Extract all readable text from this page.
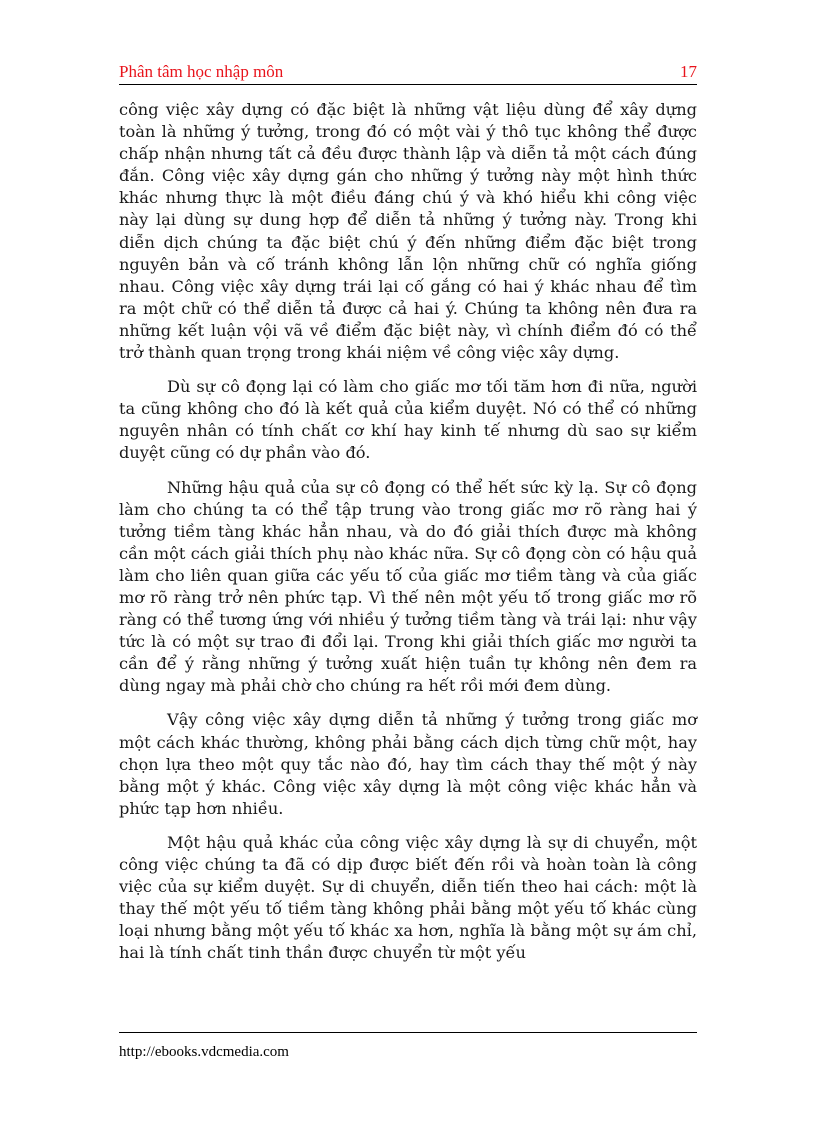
Phân tâm học nhập môn	17

công việc xây dựng có đặc biệt là những vật liệu dùng để xây dựng toàn là những ý tưởng, trong đó có một vài ý thô tục không thể được chấp nhận nhưng tất cả đều được thành lập và diễn tả một cách đúng đắn. Công việc xây dựng gán cho những ý tưởng này một hình thức khác nhưng thực là một điều đáng chú ý và khó hiểu khi công việc này lại dùng sự dung hợp để diễn tả những ý tưởng này. Trong khi diễn dịch chúng ta đặc biệt chú ý đến những điểm đặc biệt trong nguyên bản và cố tránh không lẫn lộn những chữ có nghĩa giống nhau. Công việc xây dựng trái lại cố gắng có hai ý khác nhau để tìm ra một chữ có thể diễn tả được cả hai ý. Chúng ta không nên đưa ra những kết luận vội vã về điểm đặc biệt này, vì chính điểm đó có thể trở thành quan trọng trong khái niệm về công việc xây dựng.

Dù sự cô đọng lại có làm cho giấc mơ tối tăm hơn đi nữa, người ta cũng không cho đó là kết quả của kiểm duyệt. Nó có thể có những nguyên nhân có tính chất cơ khí hay kinh tế nhưng dù sao sự kiểm duyệt cũng có dự phần vào đó.

Những hậu quả của sự cô đọng có thể hết sức kỳ lạ. Sự cô đọng làm cho chúng ta có thể tập trung vào trong giấc mơ rõ ràng hai ý tưởng tiềm tàng khác hẳn nhau, và do đó giải thích được mà không cần một cách giải thích phụ nào khác nữa. Sự cô đọng còn có hậu quả làm cho liên quan giữa các yếu tố của giấc mơ tiềm tàng và của giấc mơ rõ ràng trở nên phức tạp. Vì thế nên một yếu tố trong giấc mơ rõ ràng có thể tương ứng với nhiều ý tưởng tiềm tàng và trái lại: như vậy tức là có một sự trao đi đổi lại. Trong khi giải thích giấc mơ người ta cần để ý rằng những ý tưởng xuất hiện tuần tự không nên đem ra dùng ngay mà phải chờ cho chúng ra hết rồi mới đem dùng.

Vậy công việc xây dựng diễn tả những ý tưởng trong giấc mơ một cách khác thường, không phải bằng cách dịch từng chữ một, hay chọn lựa theo một quy tắc nào đó, hay tìm cách thay thế một ý này bằng một ý khác. Công việc xây dựng là một công việc khác hẳn và phức tạp hơn nhiều.

Một hậu quả khác của công việc xây dựng là sự di chuyển, một công việc chúng ta đã có dịp được biết đến rồi và hoàn toàn là công việc của sự kiểm duyệt. Sự di chuyển, diễn tiến theo hai cách: một là thay thế một yếu tố tiềm tàng không phải bằng một yếu tố khác cùng loại nhưng bằng một yếu tố khác xa hơn, nghĩa là bằng một sự ám chỉ, hai là tính chất tinh thần được chuyển từ một yếu

http://ebooks.vdcmedia.com
